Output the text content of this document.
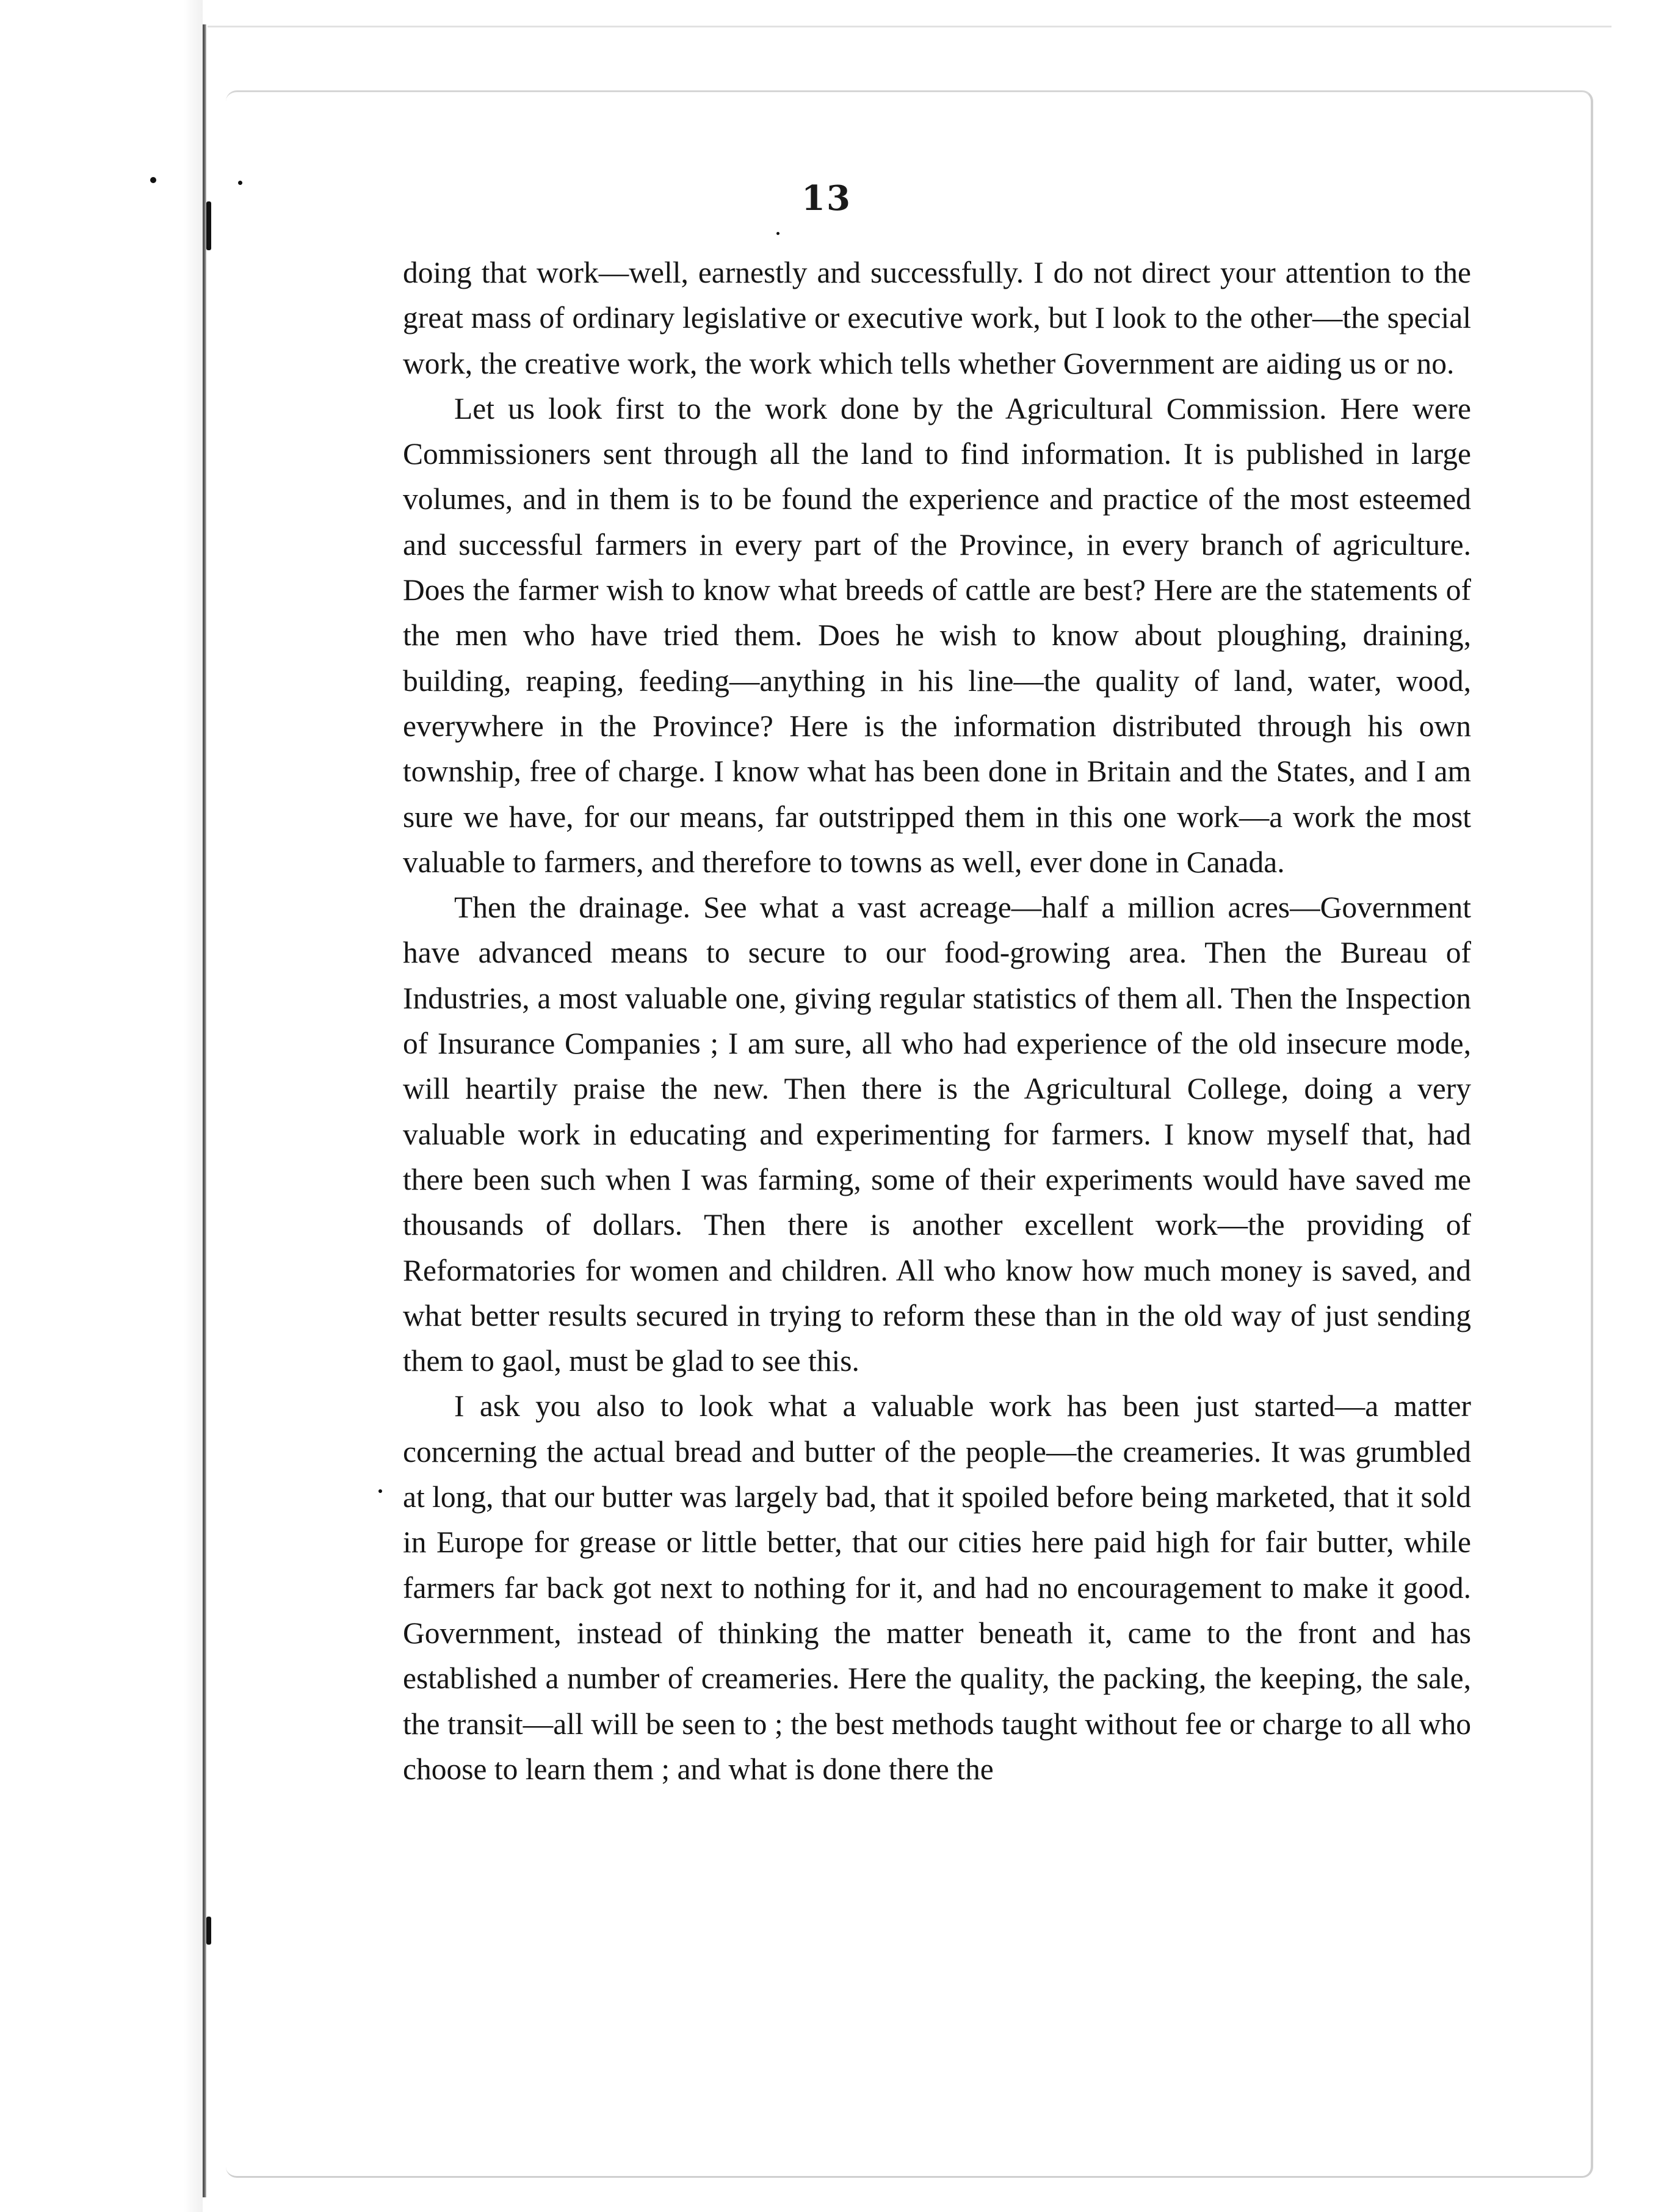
13

doing that work—well, earnestly and successfully. I do not direct your attention to the great mass of ordinary legislative or executive work, but I look to the other—the special work, the creative work, the work which tells whether Government are aiding us or no.

Let us look first to the work done by the Agricultural Commission. Here were Commissioners sent through all the land to find information. It is published in large volumes, and in them is to be found the experience and practice of the most esteemed and successful farmers in every part of the Province, in every branch of agriculture. Does the farmer wish to know what breeds of cattle are best? Here are the statements of the men who have tried them. Does he wish to know about ploughing, draining, building, reaping, feeding—anything in his line—the quality of land, water, wood, everywhere in the Province? Here is the information distributed through his own township, free of charge. I know what has been done in Britain and the States, and I am sure we have, for our means, far outstripped them in this one work—a work the most valuable to farmers, and therefore to towns as well, ever done in Canada.

Then the drainage. See what a vast acreage—half a million acres—Government have advanced means to secure to our food-growing area. Then the Bureau of Industries, a most valuable one, giving regular statistics of them all. Then the Inspection of Insurance Companies ; I am sure, all who had experience of the old insecure mode, will heartily praise the new. Then there is the Agricultural College, doing a very valuable work in educating and experimenting for farmers. I know myself that, had there been such when I was farming, some of their experiments would have saved me thousands of dollars. Then there is another excellent work—the providing of Reformatories for women and children. All who know how much money is saved, and what better results secured in trying to reform these than in the old way of just sending them to gaol, must be glad to see this.

I ask you also to look what a valuable work has been just started—a matter concerning the actual bread and butter of the people—the creameries. It was grumbled at long, that our butter was largely bad, that it spoiled before being marketed, that it sold in Europe for grease or little better, that our cities here paid high for fair butter, while farmers far back got next to nothing for it, and had no encouragement to make it good. Government, instead of thinking the matter beneath it, came to the front and has established a number of creameries. Here the quality, the packing, the keeping, the sale, the transit—all will be seen to ; the best methods taught without fee or charge to all who choose to learn them ; and what is done there the
